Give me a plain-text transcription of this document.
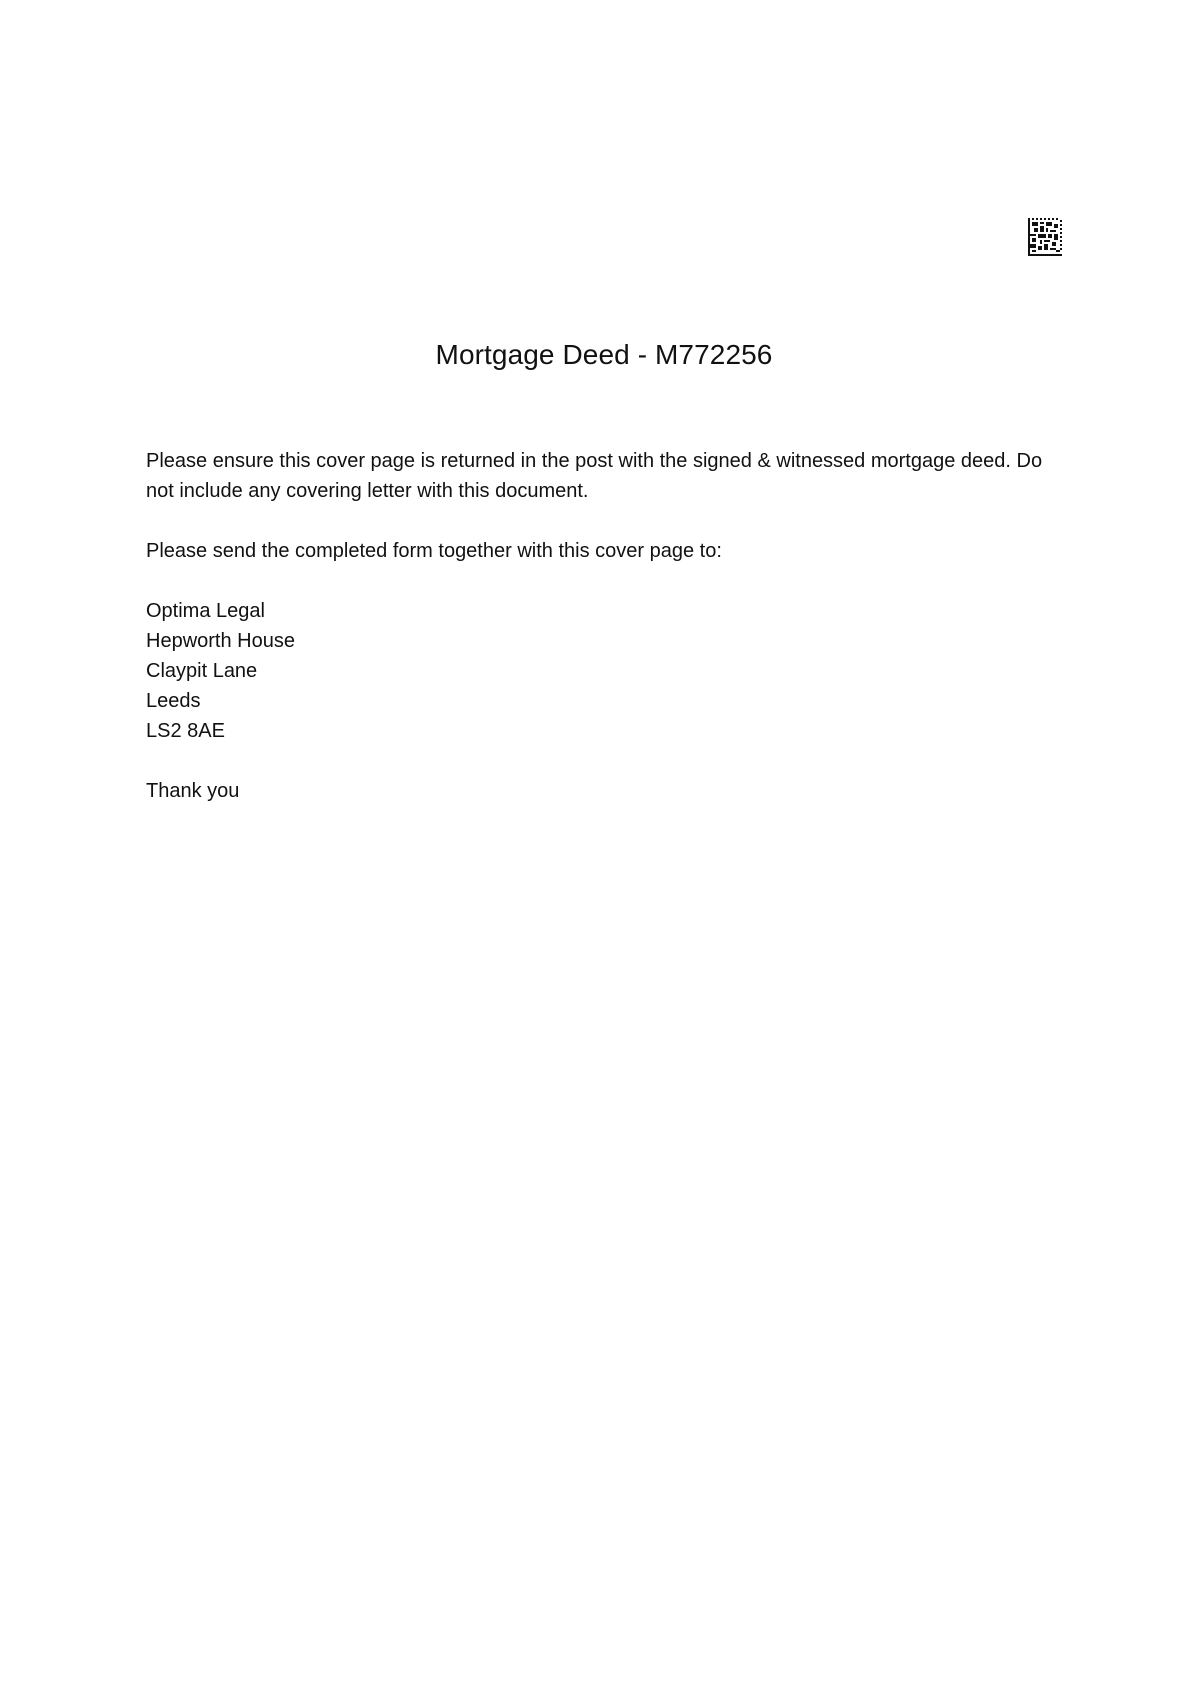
Mortgage Deed - M772256

Please ensure this cover page is returned in the post with the signed & witnessed mortgage deed. Do not include any covering letter with this document.

Please send the completed form together with this cover page to:

Optima Legal
Hepworth House
Claypit Lane
Leeds
LS2 8AE

Thank you
